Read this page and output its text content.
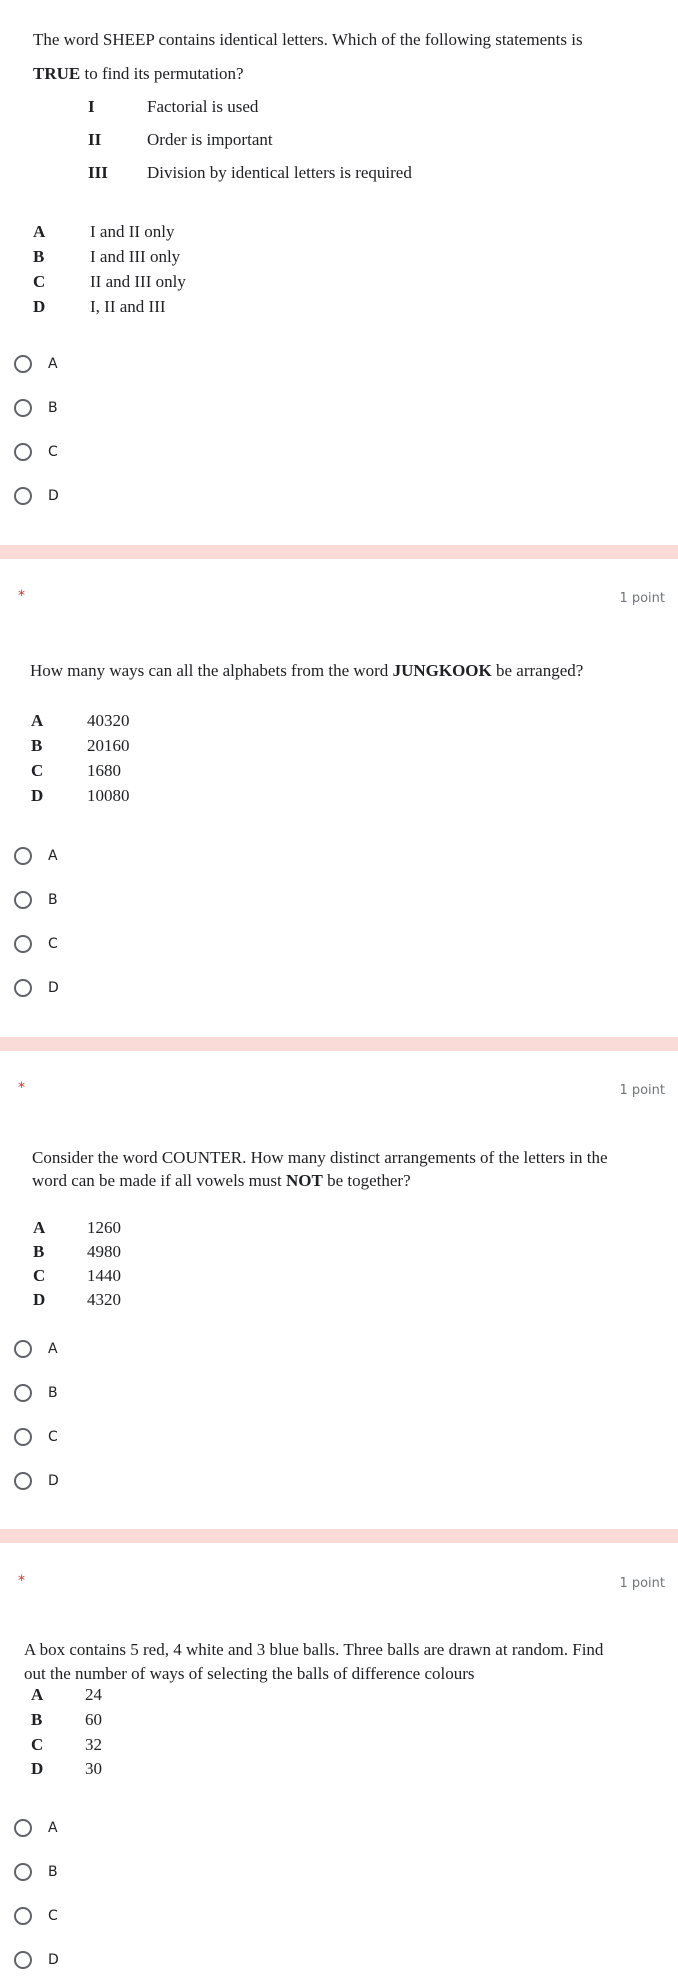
The word SHEEP contains identical letters. Which of the following statements is
TRUE to find its permutation?
I	Factorial is used
II	Order is important
III Division by identical letters is required
A	I and II only
B	I and III only
C	II and III only
D	I, II and III
A
B
C
D
*	1 point
How many ways can all the alphabets from the word JUNGKOOK be arranged?
A	40320
B	20160
C	1680
D	10080
A
B
C
D
*	1 point
Consider the word COUNTER. How many distinct arrangements of the letters in the
word can be made if all vowels must NOT be together?
A 1260
B	4980
C 1440
D 4320
A
B
C
D
*	1 point
A box contains 5 red, 4 white and 3 blue balls. Three balls are drawn at random. Find
out the number of ways of selecting the balls of difference colours
A 24
B	60
C 32
D 30
A
B
C
D
